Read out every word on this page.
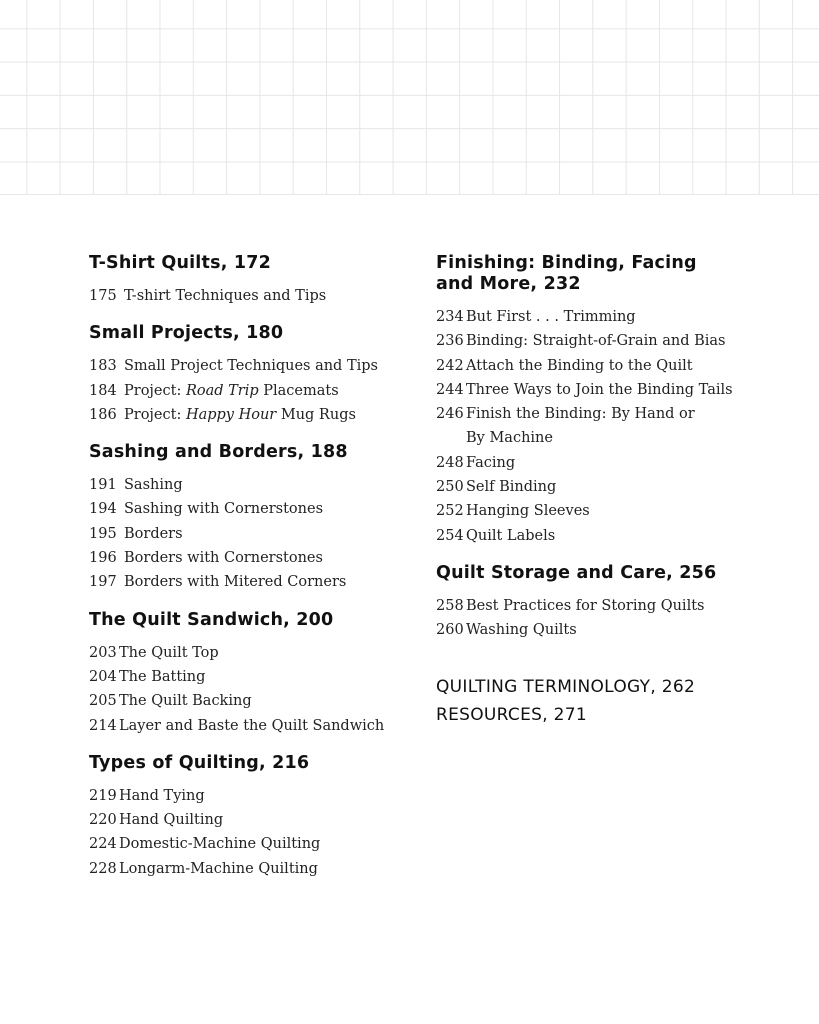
T-Shirt Quilts, 172
175 T-shirt Techniques and Tips
Small Projects, 180
183 Small Project Techniques and Tips
184 Project: Road Trip Placemats
186 Project: Happy Hour Mug Rugs
Sashing and Borders, 188
191 Sashing
194 Sashing with Cornerstones
195 Borders
196 Borders with Cornerstones
197 Borders with Mitered Corners
The Quilt Sandwich, 200
203 The Quilt Top
204 The Batting
205 The Quilt Backing
214 Layer and Baste the Quilt Sandwich
Types of Quilting, 216
219 Hand Tying
220 Hand Quilting
224 Domestic-Machine Quilting
228 Longarm-Machine Quilting
Finishing: Binding, Facing
and More, 232
234 But First . . . Trimming
236 Binding: Straight-of-Grain and Bias
242 Attach the Binding to the Quilt
244 Three Ways to Join the Binding Tails
246 Finish the Binding: By Hand or
By Machine
248 Facing
250 Self Binding
252 Hanging Sleeves
254 Quilt Labels
Quilt Storage and Care, 256
258 Best Practices for Storing Quilts
260 Washing Quilts
QUILTING TERMINOLOGY, 262
RESOURCES, 271
